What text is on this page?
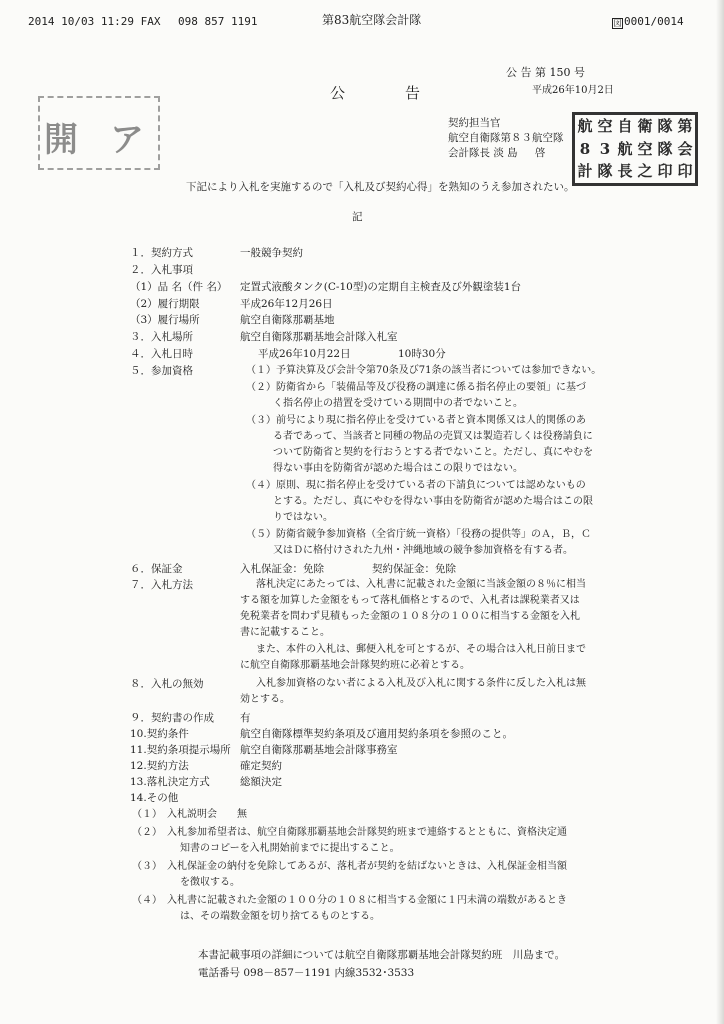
2014 10/03 11:29 FAX 098 857 1191	第83航空隊会計隊	図 0001/0014
公 告 第 150 号
公告	平成26年10月2日
開 ア	契約担当官
航空自衛隊第８３航空隊
会計隊長 淡 島 　 啓
航 空 自 衛 隊 第
8 3 航 空 隊 会
計 隊 長 之 印 印
下記により入札を実施するので「入札及び契約心得」を熟知のうえ参加されたい。
記
１．契約方式	一般競争契約
２．入札事項
（1）品 名（件 名） 定置式液酸タンク(C-10型)の定期自主検査及び外観塗装1台
（2）履行期限	平成26年12月26日
（3）履行場所	航空自衛隊那覇基地
３．入札場所	航空自衛隊那覇基地会計隊入札室
４．入札日時	平成26年10月22日	10時30分
５．参加資格	（１）予算決算及び会計令第70条及び71条の該当者については参加できない。
（２）防衛省から「装備品等及び役務の調達に係る指名停止の要領」に基づ
く指名停止の措置を受けている期間中の者でないこと。
（３）前号により現に指名停止を受けている者と資本関係又は人的関係のあ
る者であって、当該者と同種の物品の売買又は製造若しくは役務請負に
ついて防衛省と契約を行おうとする者でないこと。ただし、真にやむを
得ない事由を防衛省が認めた場合はこの限りではない。
（４）原則、現に指名停止を受けている者の下請負については認めないもの
とする。ただし、真にやむを得ない事由を防衛省が認めた場合はこの限
りではない。
（５）防衛省競争参加資格（全省庁統一資格）「役務の提供等」のＡ，Ｂ，Ｃ
又はＤに格付けされた九州・沖縄地域の競争参加資格を有する者。
６．保証金	入札保証金：免除	契約保証金：免除
７．入札方法	落札決定にあたっては、入札書に記載された金額に当該金額の８％に相当
する額を加算した金額をもって落札価格とするので、入札者は課税業者又は
免税業者を問わず見積もった金額の１０８分の１００に相当する金額を入札
書に記載すること。
また、本件の入札は、郵便入札を可とするが、その場合は入札日前日まで
に航空自衛隊那覇基地会計隊契約班に必着とする。
８．入札の無効	入札参加資格のない者による入札及び入札に関する条件に反した入札は無
効とする。
９．契約書の作成 有
10.契約条件	航空自衛隊標準契約条項及び適用契約条項を参照のこと。
11.契約条項提示場所 航空自衛隊那覇基地会計隊事務室
12.契約方法	確定契約
13.落札決定方式	総額決定
14.その他
（１）　入札説明会　　無
（２）　入札参加希望者は、航空自衛隊那覇基地会計隊契約班まで連絡するとともに、資格決定通
知書のコピーを入札開始前までに提出すること。
（３）　入札保証金の納付を免除してあるが、落札者が契約を結ばないときは、入札保証金相当額
を徴収する。
（４）　入札書に記載された金額の１００分の１０８に相当する金額に１円未満の端数があるとき
は、その端数金額を切り捨てるものとする。
本書記載事項の詳細については航空自衛隊那覇基地会計隊契約班　川島まで。
電話番号 098－857－1191 内線3532･3533
